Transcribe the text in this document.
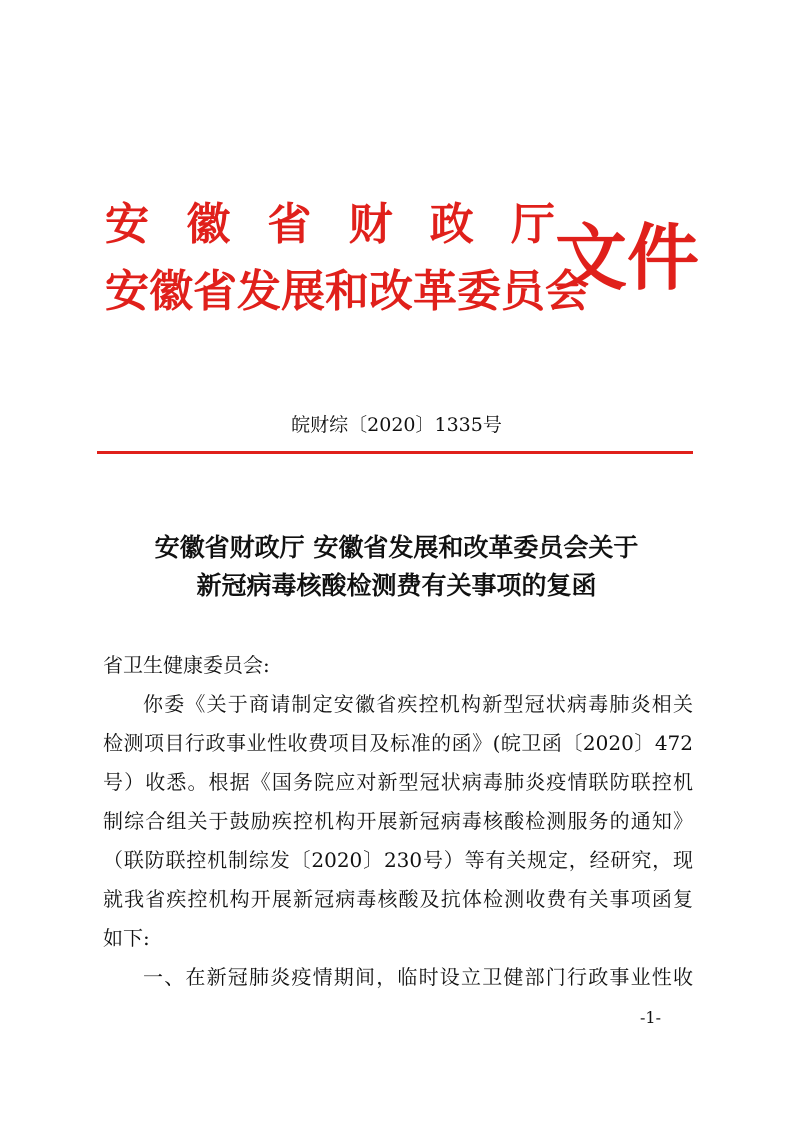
安 徽 省 财 政 厅
安徽省发展和改革委员会
文件
皖财综〔2020〕1335号
安徽省财政厅 安徽省发展和改革委员会关于
新冠病毒核酸检测费有关事项的复函
省卫生健康委员会:
你委《关于商请制定安徽省疾控机构新型冠状病毒肺炎相关
检测项目行政事业性收费项目及标准的函》(皖卫函〔2020〕472
号）收悉。根据《国务院应对新型冠状病毒肺炎疫情联防联控机
制综合组关于鼓励疾控机构开展新冠病毒核酸检测服务的通知》
（联防联控机制综发〔2020〕230号）等有关规定，经研究，现
就我省疾控机构开展新冠病毒核酸及抗体检测收费有关事项函复
如下:
一、在新冠肺炎疫情期间，临时设立卫健部门行政事业性收
-1-
